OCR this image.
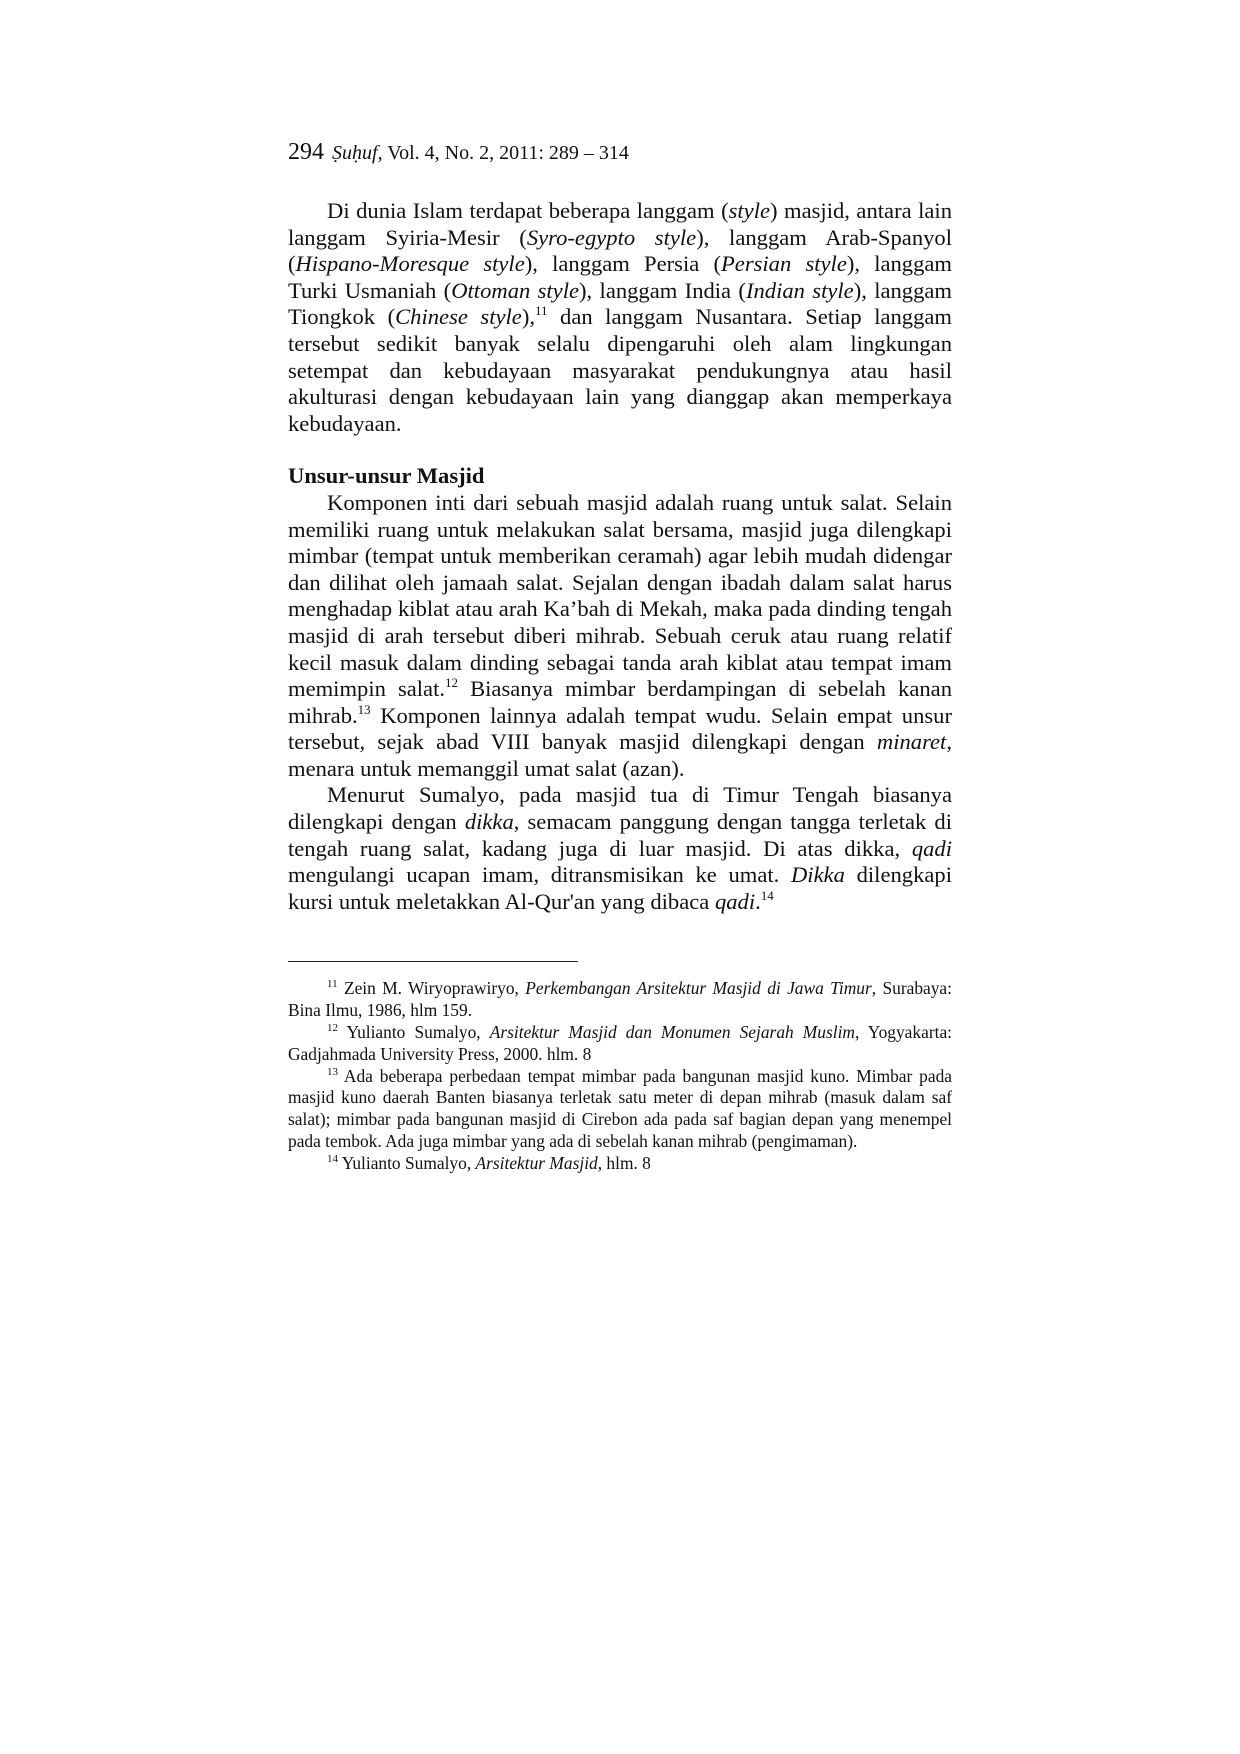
294 Ṣuḥuf, Vol. 4, No. 2, 2011: 289 – 314

Di dunia Islam terdapat beberapa langgam (style) masjid, antara lain langgam Syiria-Mesir (Syro-egypto style), langgam Arab-Spanyol (Hispano-Moresque style), langgam Persia (Persian style), langgam Turki Usmaniah (Ottoman style), langgam India (Indian style), langgam Tiongkok (Chinese style),$^{11}$ dan langgam Nusantara. Setiap langgam tersebut sedikit banyak selalu dipengaruhi oleh alam lingkungan setempat dan kebudayaan masyarakat pendukungnya atau hasil akulturasi dengan kebudayaan lain yang dianggap akan memperkaya kebudayaan.

Unsur-unsur Masjid

Komponen inti dari sebuah masjid adalah ruang untuk salat. Selain memiliki ruang untuk melakukan salat bersama, masjid juga dilengkapi mimbar (tempat untuk memberikan ceramah) agar lebih mudah didengar dan dilihat oleh jamaah salat. Sejalan dengan ibadah dalam salat harus menghadap kiblat atau arah Ka’bah di Mekah, maka pada dinding tengah masjid di arah tersebut diberi mihrab. Sebuah ceruk atau ruang relatif kecil masuk dalam dinding sebagai tanda arah kiblat atau tempat imam memimpin salat.$^{12}$ Biasanya mimbar berdampingan di sebelah kanan mihrab.$^{13}$ Komponen lainnya adalah tempat wudu. Selain empat unsur tersebut, sejak abad VIII banyak masjid dilengkapi dengan minaret, menara untuk memanggil umat salat (azan).

Menurut Sumalyo, pada masjid tua di Timur Tengah biasanya dilengkapi dengan dikka, semacam panggung dengan tangga terletak di tengah ruang salat, kadang juga di luar masjid. Di atas dikka, qadi mengulangi ucapan imam, ditransmisikan ke umat. Dikka dilengkapi kursi untuk meletakkan Al-Qur'an yang dibaca qadi.$^{14}$

$^{11}$ Zein M. Wiryoprawiryo, Perkembangan Arsitektur Masjid di Jawa Timur, Surabaya: Bina Ilmu, 1986, hlm 159.

$^{12}$ Yulianto Sumalyo, Arsitektur Masjid dan Monumen Sejarah Muslim, Yogyakarta: Gadjahmada University Press, 2000. hlm. 8

$^{13}$ Ada beberapa perbedaan tempat mimbar pada bangunan masjid kuno. Mimbar pada masjid kuno daerah Banten biasanya terletak satu meter di depan mihrab (masuk dalam saf salat); mimbar pada bangunan masjid di Cirebon ada pada saf bagian depan yang menempel pada tembok. Ada juga mimbar yang ada di sebelah kanan mihrab (pengimaman).

$^{14}$ Yulianto Sumalyo, Arsitektur Masjid, hlm. 8
